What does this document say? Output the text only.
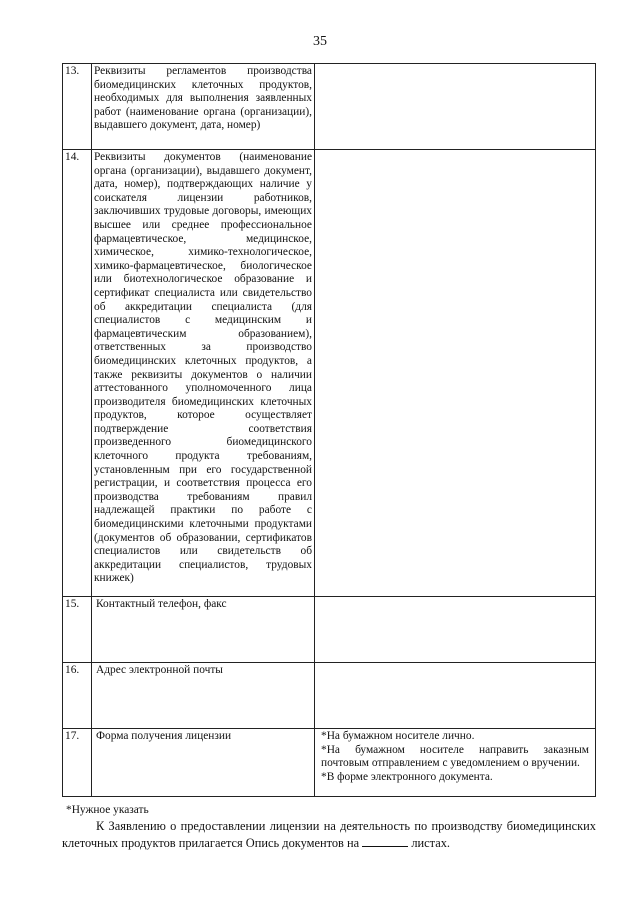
35
13.	Реквизиты регламентов производства биомедицинских клеточных продуктов, необходимых для выполнения заявленных работ (наименование органа (организации), выдавшего документ, дата, номер)	
14.	Реквизиты документов (наименование органа (организации), выдавшего документ, дата, номер), подтверждающих наличие у соискателя лицензии работников, заключивших трудовые договоры, имеющих высшее или среднее профессиональное фармацевтическое, медицинское, химическое, химико-технологическое, химико-фармацевтическое, биологическое или биотехнологическое образование и сертификат специалиста или свидетельство об аккредитации специалиста (для специалистов с медицинским и фармацевтическим образованием), ответственных за производство биомедицинских клеточных продуктов, а также реквизиты документов о наличии аттестованного уполномоченного лица производителя биомедицинских клеточных продуктов, которое осуществляет подтверждение соответствия произведенного биомедицинского клеточного продукта требованиям, установленным при его государственной регистрации, и соответствия процесса его производства требованиям правил надлежащей практики по работе с биомедицинскими клеточными продуктами (документов об образовании, сертификатов специалистов или свидетельств об аккредитации специалистов, трудовых книжек)	
15.	Контактный телефон, факс	
16.	Адрес электронной почты	
17.	Форма получения лицензии	*На бумажном носителе лично.
*На бумажном носителе направить заказным почтовым отправлением с уведомлением о вручении.
*В форме электронного документа.
*Нужное указать
К Заявлению о предоставлении лицензии на деятельность по производству биомедицинских клеточных продуктов прилагается Опись документов на	листах.
